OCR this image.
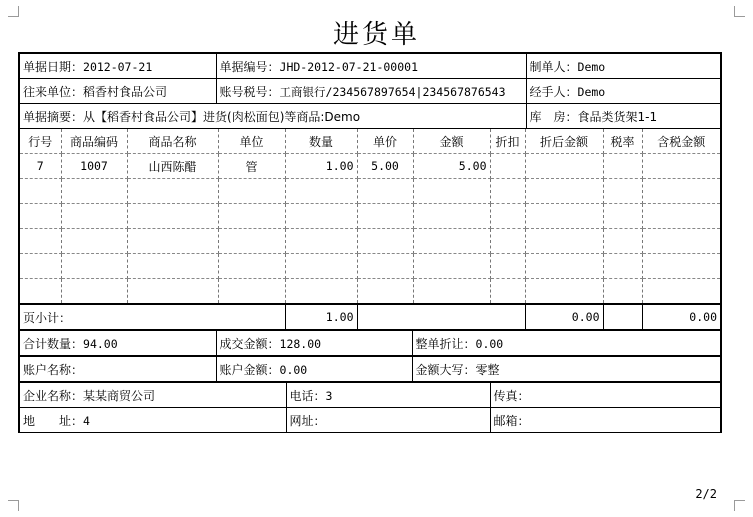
进货单
单据日期：2012-07-21	单据编号：JHD-2012-07-21-00001	制单人：Demo
往来单位：稻香村食品公司	账号税号：工商银行/234567897654|234567876543	经手人：Demo
单据摘要：从【稻香村食品公司】进货(肉松面包)等商品:Demo		库　房：食品类货架1-1
行号	商品编码	商品名称	单位	数量	单价	金额	折扣	折后金额	税率	含税金额
7	1007	山西陈醋	管	1.00	5.00	5.00				

页小计：	1.00		0.00		0.00
合计数量：94.00	成交金额：128.00	整单折让：0.00
账户名称：	账户金额：0.00	金额大写：零整
企业名称：某某商贸公司	电话：3	传真：
地　　址：4	网址：	邮箱：
2/2
